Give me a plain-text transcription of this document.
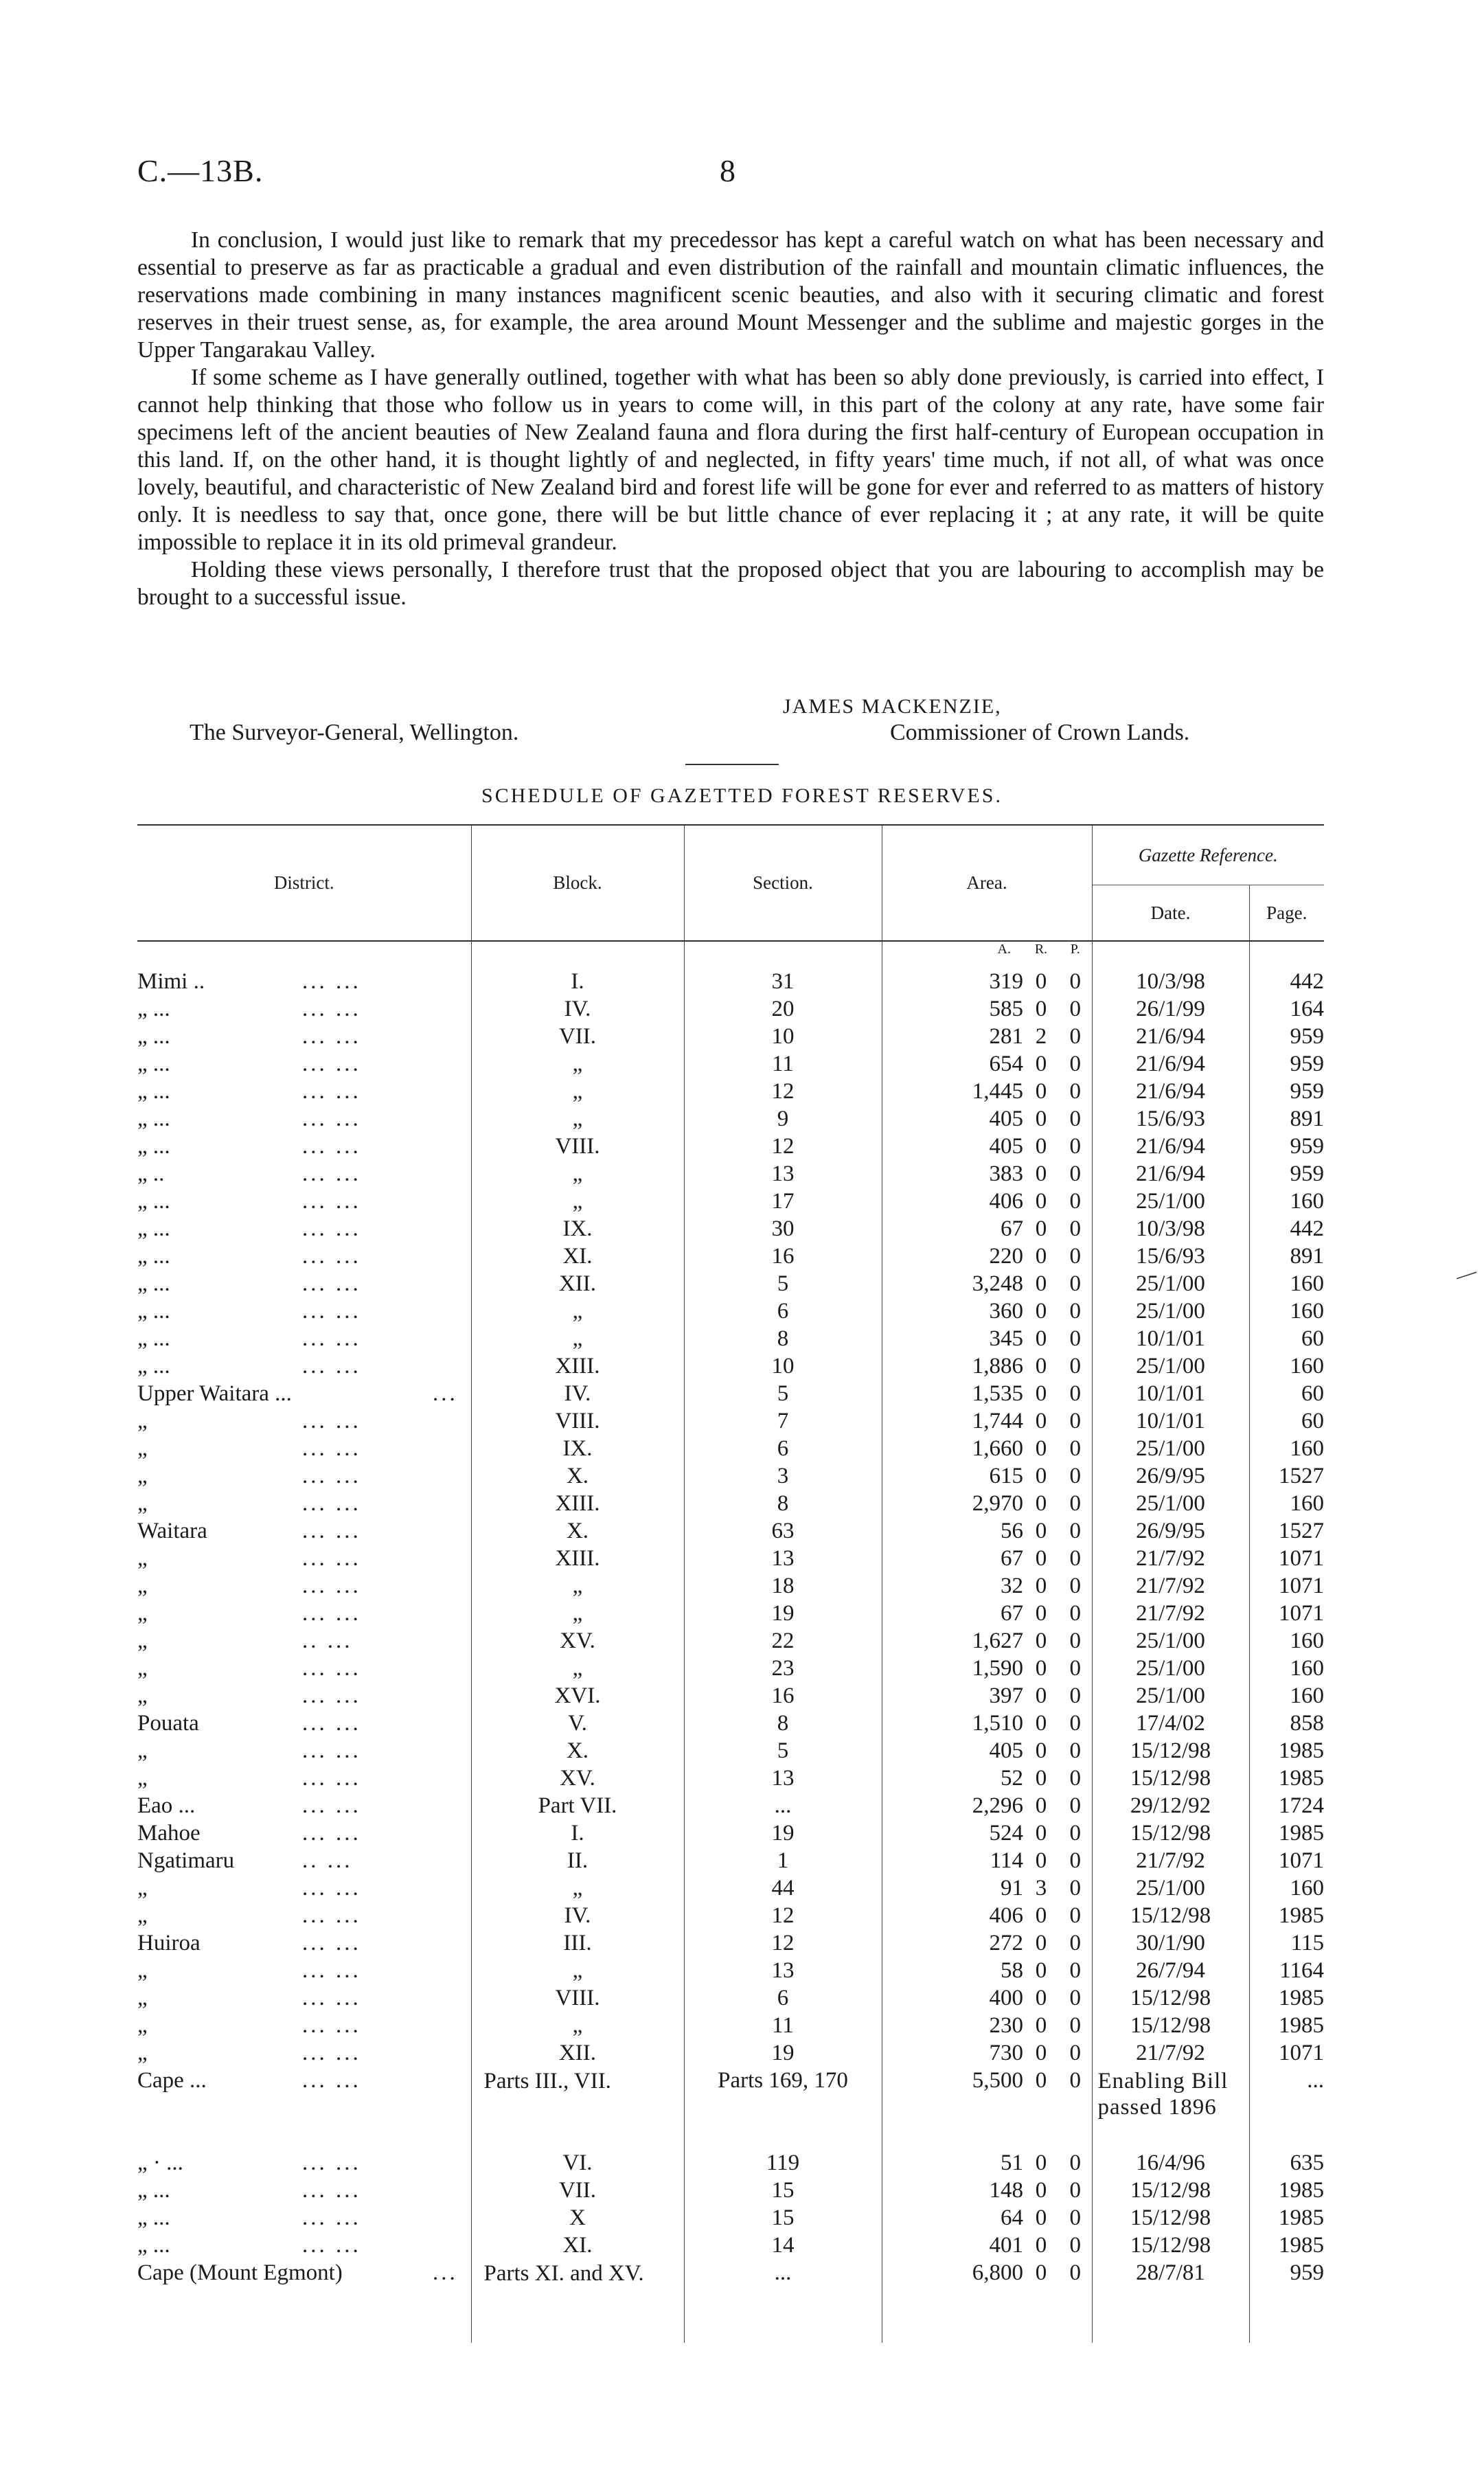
C.—13B.	8

In conclusion, I would just like to remark that my precedessor has kept a careful watch on what has been necessary and essential to preserve as far as practicable a gradual and even distribution of the rainfall and mountain climatic influences, the reservations made combining in many instances magnificent scenic beauties, and also with it securing climatic and forest reserves in their truest sense, as, for example, the area around Mount Messenger and the sublime and majestic gorges in the Upper Tangarakau Valley.

If some scheme as I have generally outlined, together with what has been so ably done previously, is carried into effect, I cannot help thinking that those who follow us in years to come will, in this part of the colony at any rate, have some fair specimens left of the ancient beauties of New Zealand fauna and flora during the first half-century of European occupation in this land. If, on the other hand, it is thought lightly of and neglected, in fifty years' time much, if not all, of what was once lovely, beautiful, and characteristic of New Zealand bird and forest life will be gone for ever and referred to as matters of history only. It is needless to say that, once gone, there will be but little chance of ever replacing it ; at any rate, it will be quite impossible to replace it in its old primeval grandeur.

Holding these views personally, I therefore trust that the proposed object that you are labouring to accomplish may be brought to a successful issue.

JAMES MACKENZIE,
The Surveyor-General, Wellington.	Commissioner of Crown Lands.
SCHEDULE OF GAZETTED FOREST RESERVES.
District.	Block.	Section.	Area.			Gazette Reference.	
						Date.	Page.
			A.	R.	P.		
Mimi .. ... ...	I.	31	319	0	0	10/3/98	442
„ ... ... ...	IV.	20	585	0	0	26/1/99	164
„ ... ... ...	VII.	10	281	2	0	21/6/94	959
„ ... ... ...	„	11	654	0	0	21/6/94	959
„ ... ... ...	„	12	1,445	0	0	21/6/94	959
„ ... ... ...	„	9	405	0	0	15/6/93	891
„ ... ... ...	VIII.	12	405	0	0	21/6/94	959
„ .. ... ...	„	13	383	0	0	21/6/94	959
„ ... ... ...	„	17	406	0	0	25/1/00	160
„ ... ... ...	IX.	30	67	0	0	10/3/98	442
„ ... ... ...	XI.	16	220	0	0	15/6/93	891
„ ... ... ...	XII.	5	3,248	0	0	25/1/00	160
„ ... ... ...	„	6	360	0	0	25/1/00	160
„ ... ... ...	„	8	345	0	0	10/1/01	60
„ ... ... ...	XIII.	10	1,886	0	0	25/1/00	160
Upper Waitara ... ...	IV.	5	1,535	0	0	10/1/01	60
„ ... ...	VIII.	7	1,744	0	0	10/1/01	60
„ ... ...	IX.	6	1,660	0	0	25/1/00	160
„ ... ...	X.	3	615	0	0	26/9/95	1527
„ ... ...	XIII.	8	2,970	0	0	25/1/00	160
Waitara ... ...	X.	63	56	0	0	26/9/95	1527
„ ... ...	XIII.	13	67	0	0	21/7/92	1071
„ ... ...	„	18	32	0	0	21/7/92	1071
„ ... ...	„	19	67	0	0	21/7/92	1071
„ .. ...	XV.	22	1,627	0	0	25/1/00	160
„ ... ...	„	23	1,590	0	0	25/1/00	160
„ ... ...	XVI.	16	397	0	0	25/1/00	160
Pouata ... ...	V.	8	1,510	0	0	17/4/02	858
„ ... ...	X.	5	405	0	0	15/12/98	1985
„ ... ...	XV.	13	52	0	0	15/12/98	1985
Eao ... ... ...	Part VII.	...	2,296	0	0	29/12/92	1724
Mahoe ... ...	I.	19	524	0	0	15/12/98	1985
Ngatimaru .. ...	II.	1	114	0	0	21/7/92	1071
„ ... ...	„	44	91	3	0	25/1/00	160
„ ... ...	IV.	12	406	0	0	15/12/98	1985
Huiroa ... ...	III.	12	272	0	0	30/1/90	115
„ ... ...	„	13	58	0	0	26/7/94	1164
„ ... ...	VIII.	6	400	0	0	15/12/98	1985
„ ... ...	„	11	230	0	0	15/12/98	1985
„ ... ...	XII.	19	730	0	0	21/7/92	1071
Cape ... ... ...	Parts III., VII.	Parts 169, 170	5,500	0	0	Enabling Bill passed 1896	...
„ · ... ... ...	VI.	119	51	0	0	16/4/96	635
„ ... ... ...	VII.	15	148	0	0	15/12/98	1985
„ ... ... ...	X	15	64	0	0	15/12/98	1985
„ ... ... ...	XI.	14	401	0	0	15/12/98	1985
Cape (Mount Egmont) ...	Parts XI. and XV.	...	6,800	0	0	28/7/81	959
—
